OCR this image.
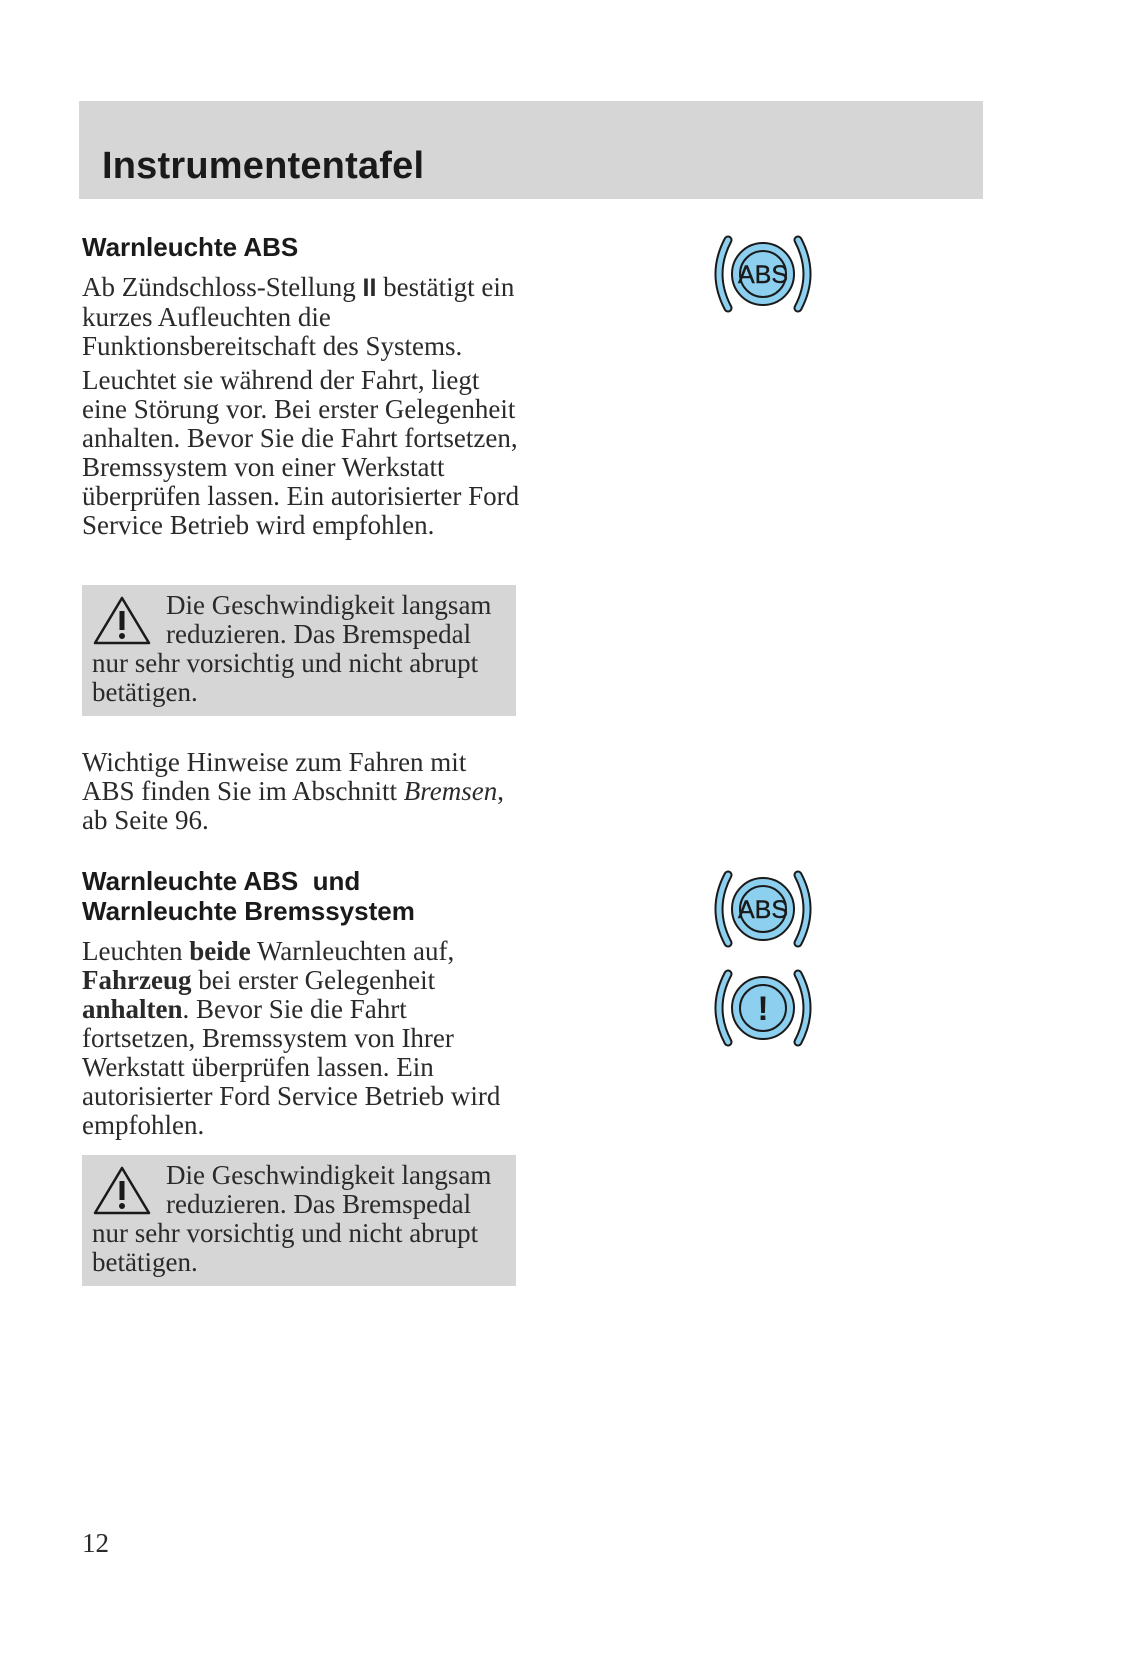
Instrumententafel
Warnleuchte ABS

Ab Zündschloss-Stellung II bestätigt ein kurzes Aufleuchten die Funktionsbereitschaft des Systems.

Leuchtet sie während der Fahrt, liegt eine Störung vor. Bei erster Gelegenheit anhalten. Bevor Sie die Fahrt fortsetzen, Bremssystem von einer Werkstatt überprüfen lassen. Ein autorisierter Ford Service Betrieb wird empfohlen.

Die Geschwindigkeit langsam reduzieren. Das Bremspedal nur sehr vorsichtig und nicht abrupt betätigen.

Wichtige Hinweise zum Fahren mit ABS finden Sie im Abschnitt Bremsen, ab Seite 96.

Warnleuchte ABS  und
Warnleuchte Bremssystem

Leuchten beide Warnleuchten auf, Fahrzeug bei erster Gelegenheit anhalten. Bevor Sie die Fahrt fortsetzen, Bremssystem von Ihrer Werkstatt überprüfen lassen. Ein autorisierter Ford Service Betrieb wird empfohlen.

Die Geschwindigkeit langsam reduzieren. Das Bremspedal nur sehr vorsichtig und nicht abrupt betätigen.

ABS
ABS
!

12
